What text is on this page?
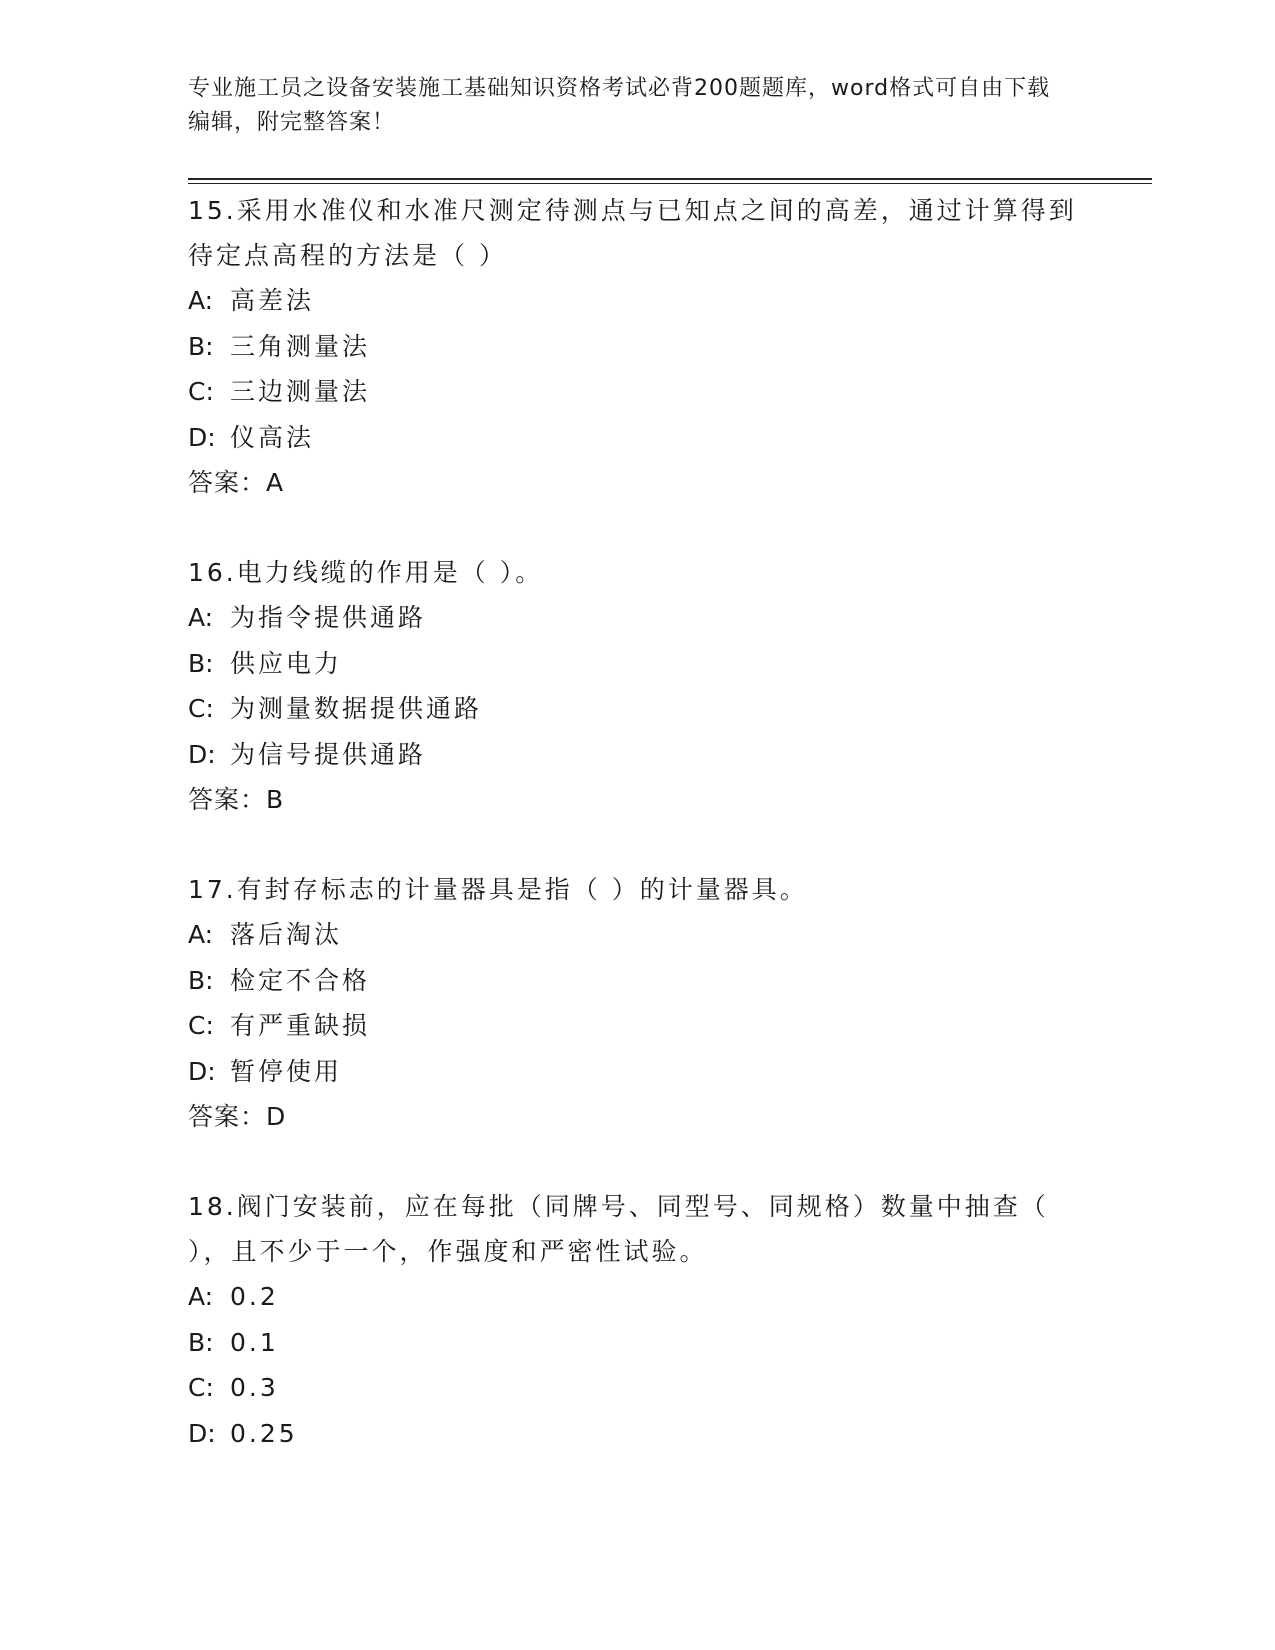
专业施工员之设备安装施工基础知识资格考试必背200题题库，word格式可自由下载编辑，附完整答案！

15.采用水准仪和水准尺测定待测点与已知点之间的高差，通过计算得到待定点高程的方法是（ ）

A: 高差法

B: 三角测量法

C: 三边测量法

D: 仪高法

答案：A

16.电力线缆的作用是（ ）。

A: 为指令提供通路

B: 供应电力

C: 为测量数据提供通路

D: 为信号提供通路

答案：B

17.有封存标志的计量器具是指（ ）的计量器具。

A: 落后淘汰

B: 检定不合格

C: 有严重缺损

D: 暂停使用

答案：D

18.阀门安装前，应在每批（同牌号、同型号、同规格）数量中抽查（ ），且不少于一个，作强度和严密性试验。

A: 0.2

B: 0.1

C: 0.3

D: 0.25
